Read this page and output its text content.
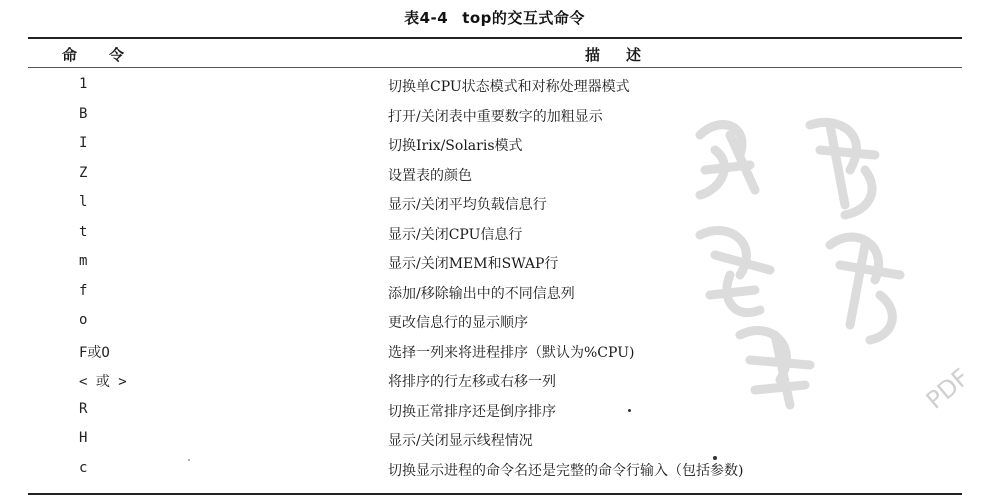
表4-4 top的交互式命令
命 令	描 述
1	切换单CPU状态模式和对称处理器模式
B	打开/关闭表中重要数字的加粗显示
I	切换Irix/Solaris模式
Z	设置表的颜色
l	显示/关闭平均负载信息行
t	显示/关闭CPU信息行
m	显示/关闭MEM和SWAP行
f	添加/移除输出中的不同信息列
o	更改信息行的显示顺序
F或O	选择一列来将进程排序（默认为%CPU)
< 或 >	将排序的行左移或右移一列
R	切换正常排序还是倒序排序
H	显示/关闭显示线程情况
c	切换显示进程的命令名还是完整的命令行输入（包括参数)
PDF
